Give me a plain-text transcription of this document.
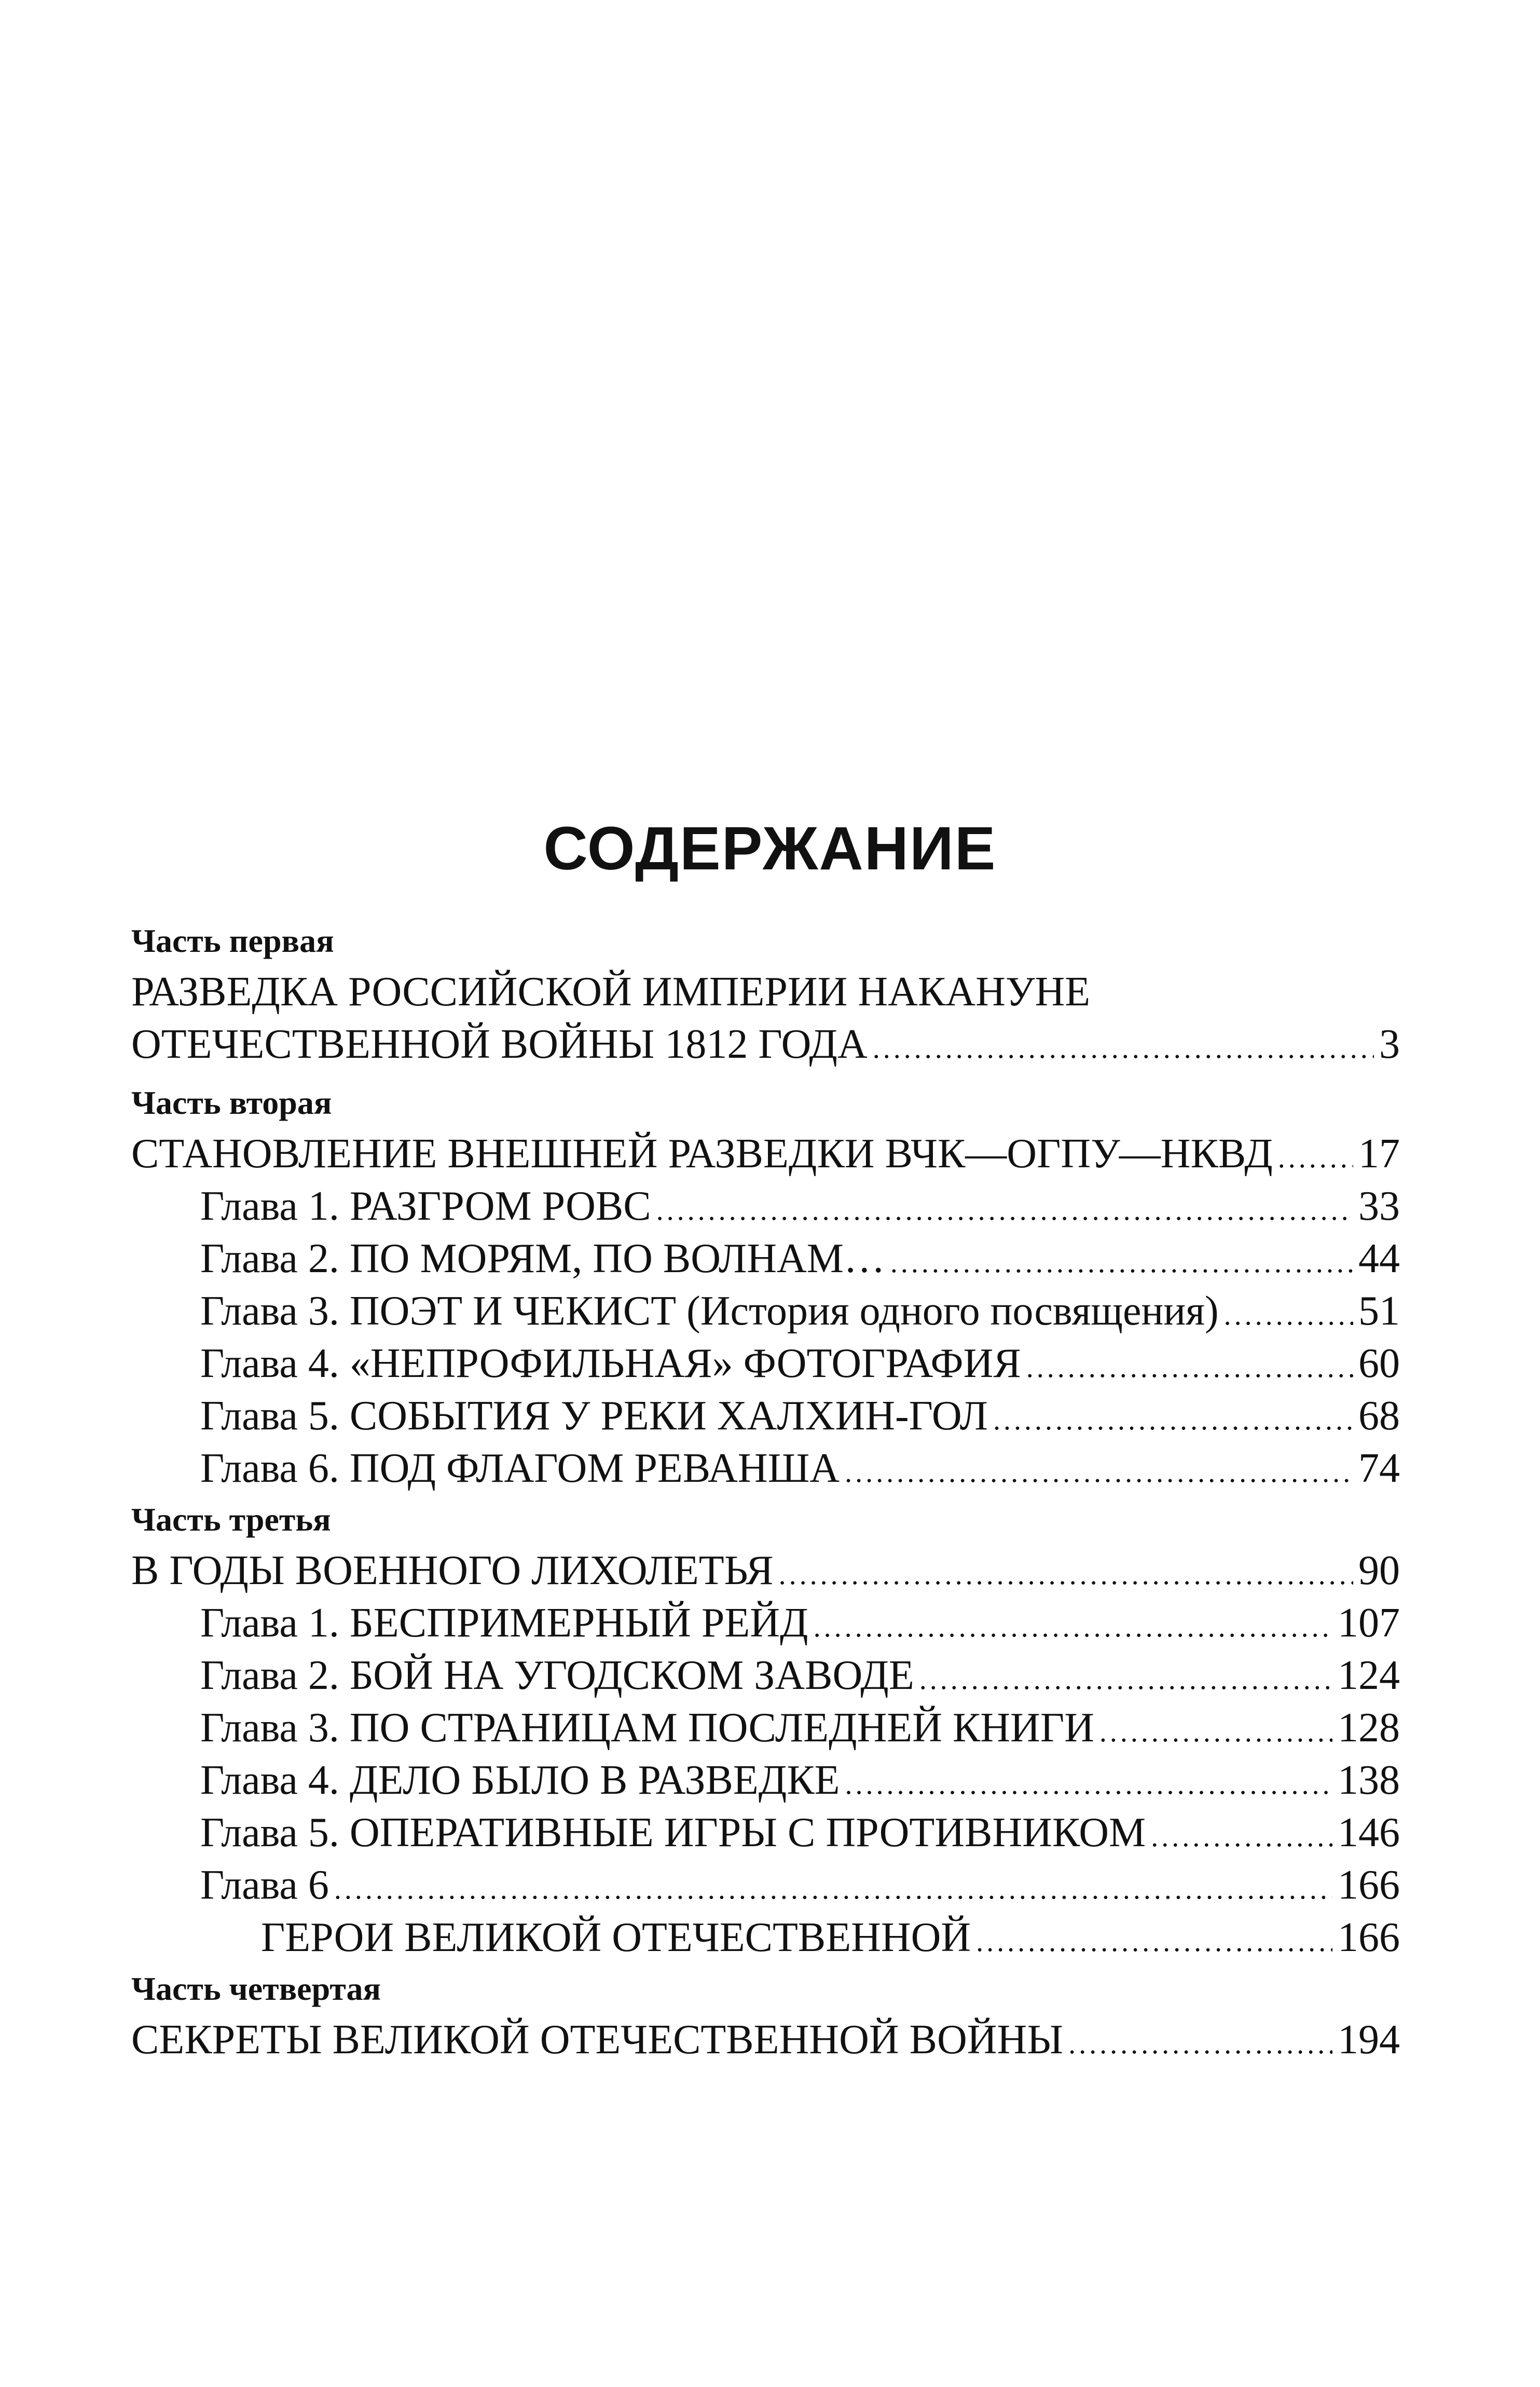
СОДЕРЖАНИЕ
Часть первая
РАЗВЕДКА РОССИЙСКОЙ ИМПЕРИИ НАКАНУНЕ
ОТЕЧЕСТВЕННОЙ ВОЙНЫ 1812 ГОДА .....	3
Часть вторая
СТАНОВЛЕНИЕ ВНЕШНЕЙ РАЗВЕДКИ ВЧК—ОГПУ—НКВД ..... 17
Глава 1. РАЗГРОМ РОВС .....	33
Глава 2. ПО МОРЯМ, ПО ВОЛНАМ… .....	44
Глава 3. ПОЭТ И ЧЕКИСТ (История одного посвящения) .....	51
Глава 4. «НЕПРОФИЛЬНАЯ» ФОТОГРАФИЯ .....	60
Глава 5. СОБЫТИЯ У РЕКИ ХАЛХИН-ГОЛ .....	68
Глава 6. ПОД ФЛАГОМ РЕВАНША .....	74
Часть третья
В ГОДЫ ВОЕННОГО ЛИХОЛЕТЬЯ .....	90
Глава 1. БЕСПРИМЕРНЫЙ РЕЙД .....	107
Глава 2. БОЙ НА УГОДСКОМ ЗАВОДЕ .....	124
Глава 3. ПО СТРАНИЦАМ ПОСЛЕДНЕЙ КНИГИ .....	128
Глава 4. ДЕЛО БЫЛО В РАЗВЕДКЕ .....	138
Глава 5. ОПЕРАТИВНЫЕ ИГРЫ С ПРОТИВНИКОМ .....	146
Глава 6 .....	166
ГЕРОИ ВЕЛИКОЙ ОТЕЧЕСТВЕННОЙ .....	166
Часть четвертая
СЕКРЕТЫ ВЕЛИКОЙ ОТЕЧЕСТВЕННОЙ ВОЙНЫ .....	194
